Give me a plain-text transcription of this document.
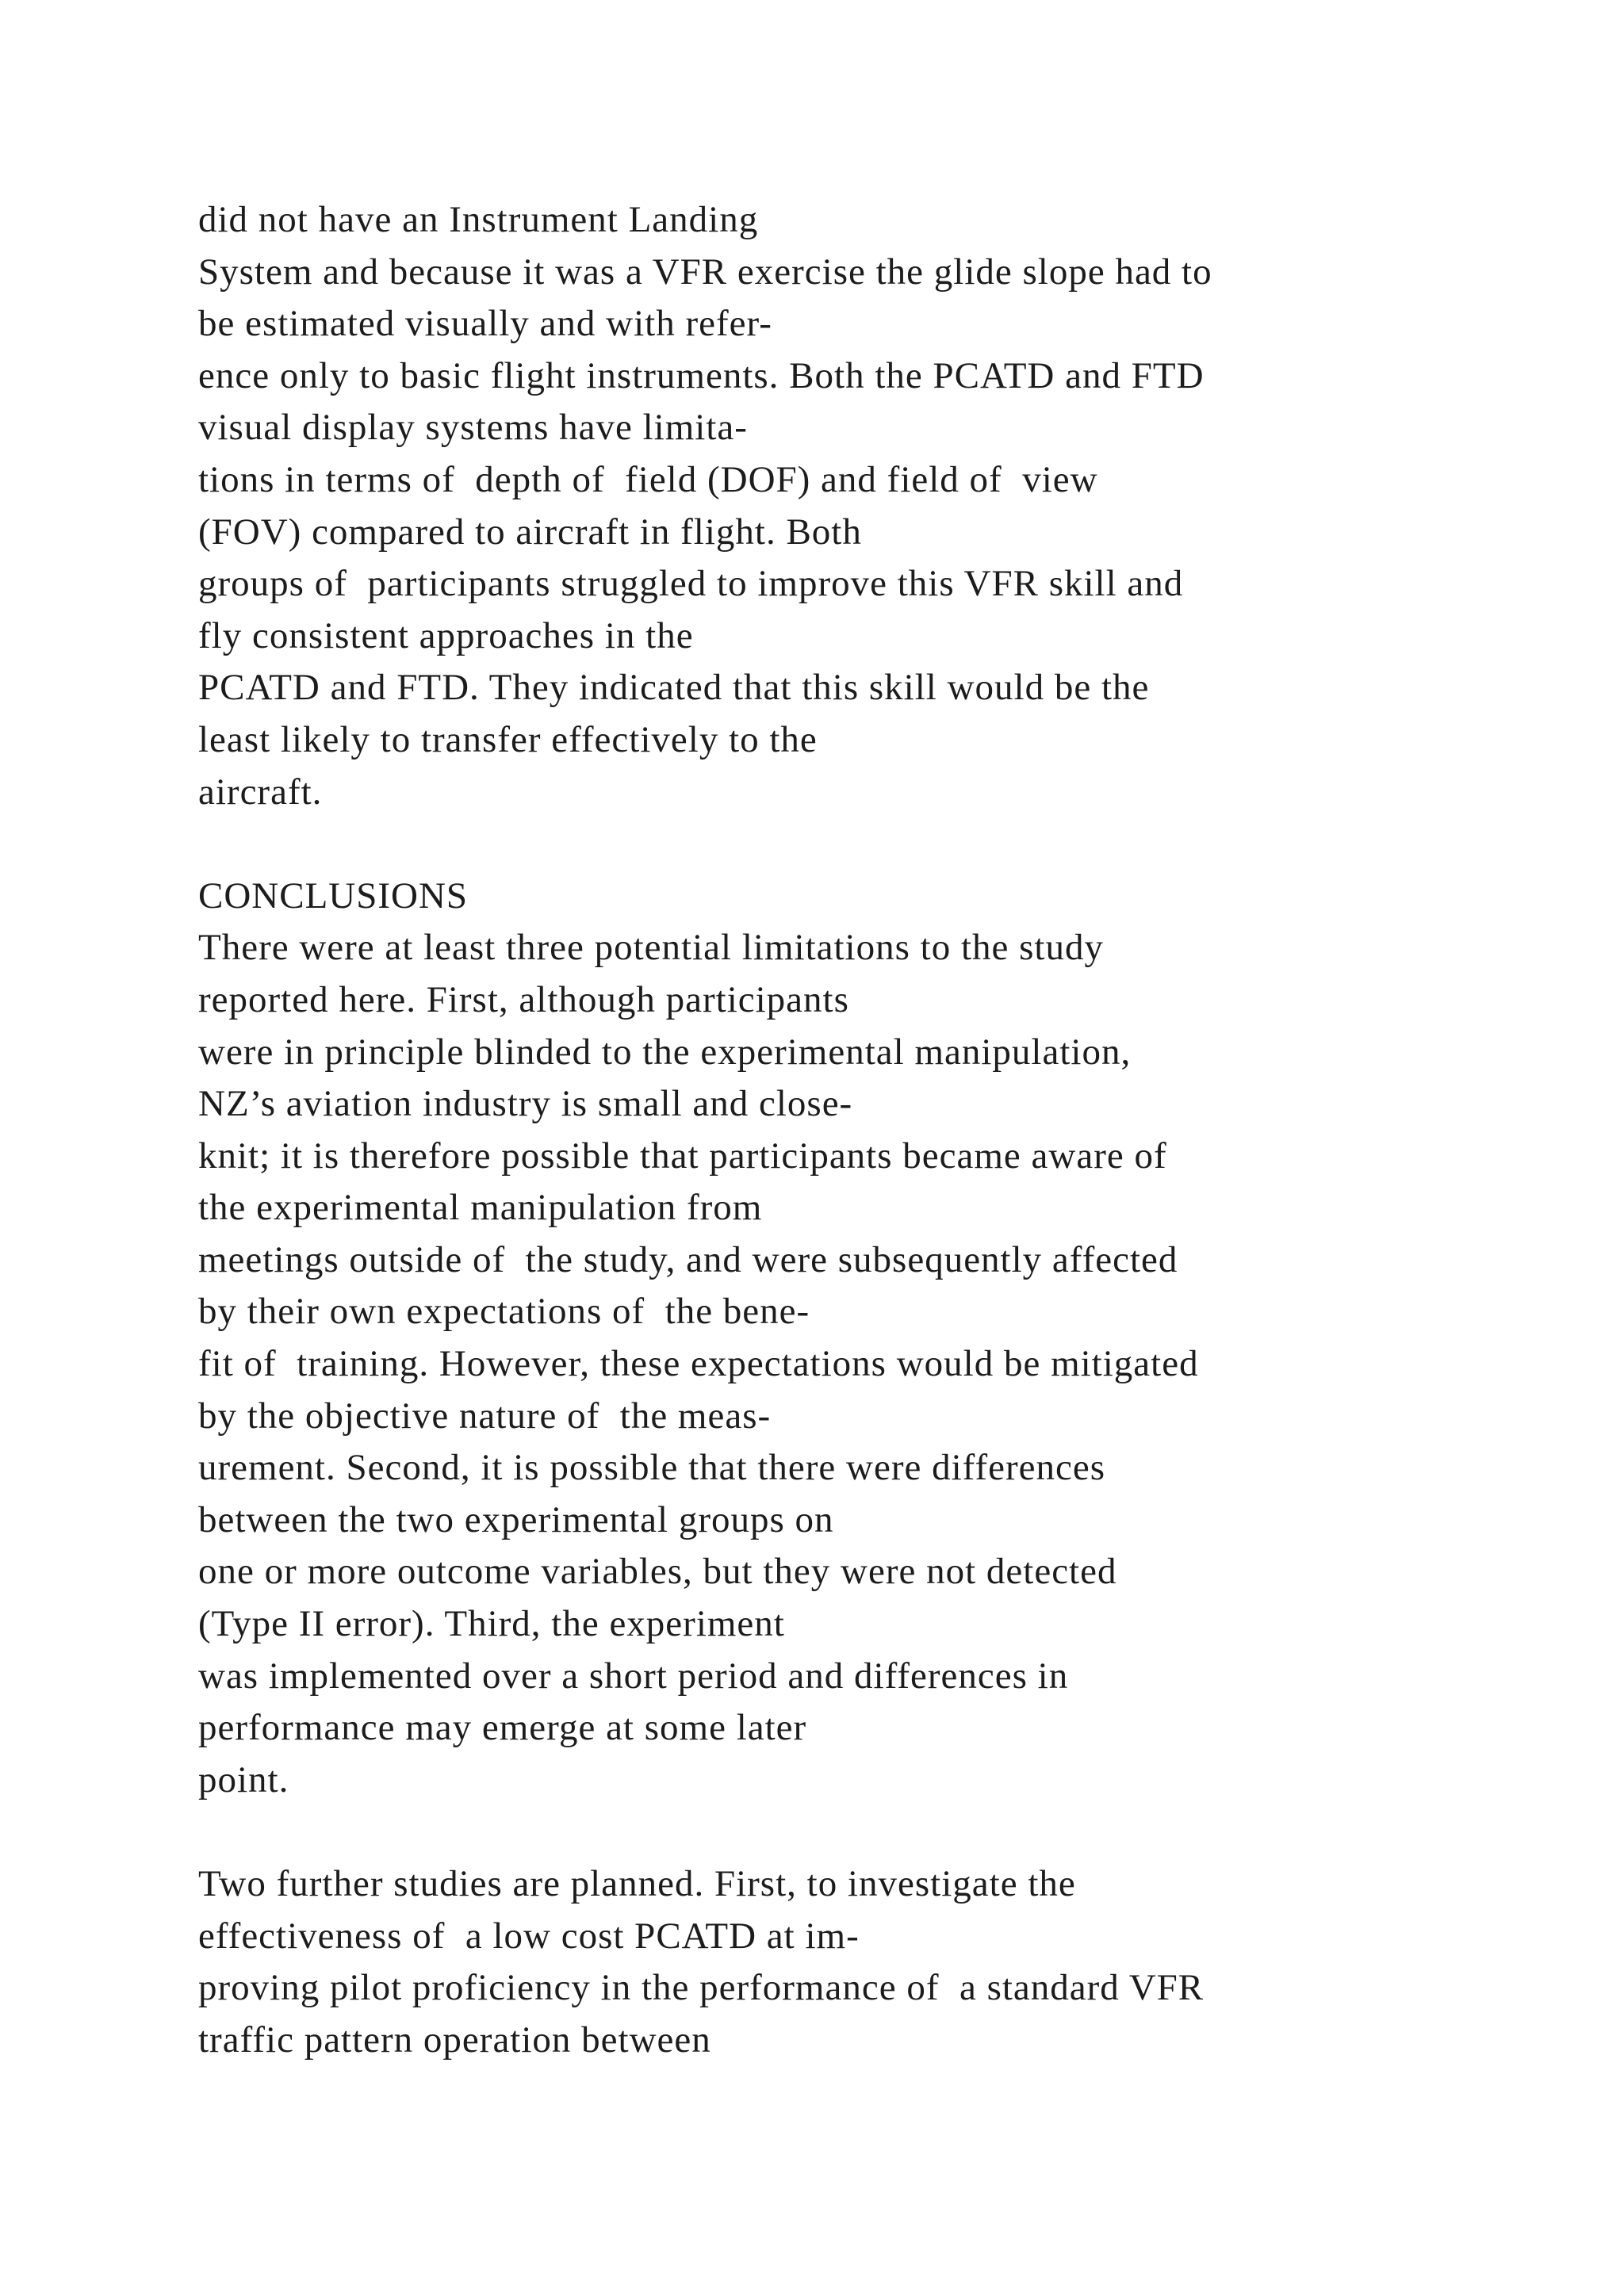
did not have an Instrument Landing
System and because it was a VFR exercise the glide slope had to
be estimated visually and with refer-
ence only to basic flight instruments. Both the PCATD and FTD
visual display systems have limita-
tions in terms of  depth of  field (DOF) and field of  view
(FOV) compared to aircraft in flight. Both
groups of  participants struggled to improve this VFR skill and
fly consistent approaches in the
PCATD and FTD. They indicated that this skill would be the
least likely to transfer effectively to the
aircraft.
CONCLUSIONS
There were at least three potential limitations to the study
reported here. First, although participants
were in principle blinded to the experimental manipulation,
NZ’s aviation industry is small and close-
knit; it is therefore possible that participants became aware of
the experimental manipulation from
meetings outside of  the study, and were subsequently affected
by their own expectations of  the bene-
fit of  training. However, these expectations would be mitigated
by the objective nature of  the meas-
urement. Second, it is possible that there were differences
between the two experimental groups on
one or more outcome variables, but they were not detected
(Type II error). Third, the experiment
was implemented over a short period and differences in
performance may emerge at some later
point.
Two further studies are planned. First, to investigate the
effectiveness of  a low cost PCATD at im-
proving pilot proficiency in the performance of  a standard VFR
traffic pattern operation between
